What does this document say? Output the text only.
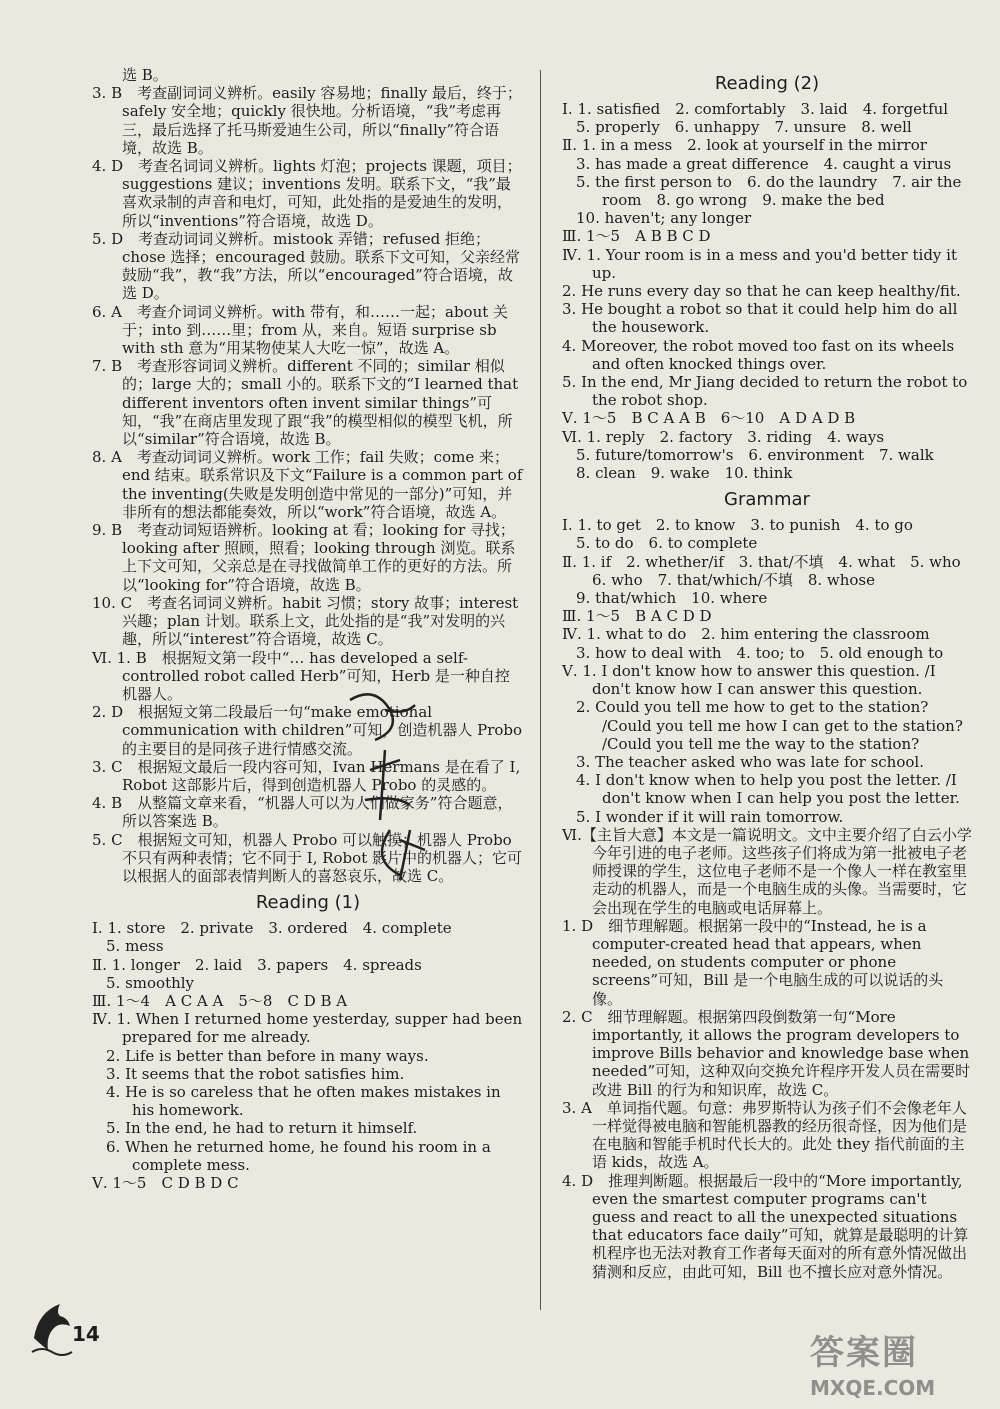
选 B。
3. B　考查副词词义辨析。easily 容易地；finally 最后，终于；safely 安全地；quickly 很快地。分析语境，“我”考虑再三，最后选择了托马斯爱迪生公司，所以“finally”符合语境，故选 B。
4. D　考查名词词义辨析。lights 灯泡；projects 课题，项目；suggestions 建议；inventions 发明。联系下文，“我”最喜欢录制的声音和电灯，可知，此处指的是爱迪生的发明，所以“inventions”符合语境，故选 D。
5. D　考查动词词义辨析。mistook 弄错；refused 拒绝；chose 选择；encouraged 鼓励。联系下文可知，父亲经常鼓励“我”，教“我”方法，所以“encouraged”符合语境，故选 D。
6. A　考查介词词义辨析。with 带有，和……一起；about 关于；into 到……里；from 从，来自。短语 surprise sb with sth 意为“用某物使某人大吃一惊”，故选 A。
7. B　考查形容词词义辨析。different 不同的；similar 相似的；large 大的；small 小的。联系下文的“I learned that different inventors often invent similar things”可知，“我”在商店里发现了跟“我”的模型相似的模型飞机，所以“similar”符合语境，故选 B。
8. A　考查动词词义辨析。work 工作；fail 失败；come 来；end 结束。联系常识及下文“Failure is a common part of the inventing(失败是发明创造中常见的一部分)”可知，并非所有的想法都能奏效，所以“work”符合语境，故选 A。
9. B　考查动词短语辨析。looking at 看；looking for 寻找；looking after 照顾，照看；looking through 浏览。联系上下文可知，父亲总是在寻找做简单工作的更好的方法。所以“looking for”符合语境，故选 B。
10. C　考查名词词义辨析。habit 习惯；story 故事；interest 兴趣；plan 计划。联系上文，此处指的是“我”对发明的兴趣，所以“interest”符合语境，故选 C。
Ⅵ. 1. B　根据短文第一段中“… has developed a self-controlled robot called Herb”可知，Herb 是一种自控机器人。
2. D　根据短文第二段最后一句“make emotional communication with children”可知，创造机器人 Probo 的主要目的是同孩子进行情感交流。
3. C　根据短文最后一段内容可知，Ivan Hermans 是在看了 I, Robot 这部影片后，得到创造机器人 Probo 的灵感的。
4. B　从整篇文章来看，“机器人可以为人们做家务”符合题意，所以答案选 B。
5. C　根据短文可知，机器人 Probo 可以触摸；机器人 Probo 不只有两种表情；它不同于 I, Robot 影片中的机器人；它可以根据人的面部表情判断人的喜怒哀乐，故选 C。
Reading (1)
Ⅰ. 1. store　2. private　3. ordered　4. complete
5. mess
Ⅱ. 1. longer　2. laid　3. papers　4. spreads
5. smoothly
Ⅲ. 1～4　A C A A　5～8　C D B A
Ⅳ. 1. When I returned home yesterday, supper had been prepared for me already.
2. Life is better than before in many ways.
3. It seems that the robot satisfies him.
4. He is so careless that he often makes mistakes in his homework.
5. In the end, he had to return it himself.
6. When he returned home, he found his room in a complete mess.
Ⅴ. 1～5　C D B D C
Reading (2)
Ⅰ. 1. satisfied　2. comfortably　3. laid　4. forgetful
5. properly　6. unhappy　7. unsure　8. well
Ⅱ. 1. in a mess　2. look at yourself in the mirror
3. has made a great difference　4. caught a virus
5. the first person to　6. do the laundry　7. air the room　8. go wrong　9. make the bed
10. haven't; any longer
Ⅲ. 1～5　A B B C D
Ⅳ. 1. Your room is in a mess and you'd better tidy it up.
2. He runs every day so that he can keep healthy/fit.
3. He bought a robot so that it could help him do all the housework.
4. Moreover, the robot moved too fast on its wheels and often knocked things over.
5. In the end, Mr Jiang decided to return the robot to the robot shop.
Ⅴ. 1～5　B C A A B　6～10　A D A D B
Ⅵ. 1. reply　2. factory　3. riding　4. ways
5. future/tomorrow's　6. environment　7. walk
8. clean　9. wake　10. think
Grammar
Ⅰ. 1. to get　2. to know　3. to punish　4. to go
5. to do　6. to complete
Ⅱ. 1. if　2. whether/if　3. that/不填　4. what　5. who　6. who　7. that/which/不填　8. whose
9. that/which　10. where
Ⅲ. 1～5　B A C D D
Ⅳ. 1. what to do　2. him entering the classroom
3. how to deal with　4. too; to　5. old enough to
Ⅴ. 1. I don't know how to answer this question. /I don't know how I can answer this question.
2. Could you tell me how to get to the station? /Could you tell me how I can get to the station? /Could you tell me the way to the station?
3. The teacher asked who was late for school.
4. I don't know when to help you post the letter. /I don't know when I can help you post the letter.
5. I wonder if it will rain tomorrow.
Ⅵ.【主旨大意】本文是一篇说明文。文中主要介绍了白云小学今年引进的电子老师。这些孩子们将成为第一批被电子老师授课的学生，这位电子老师不是一个像人一样在教室里走动的机器人，而是一个电脑生成的头像。当需要时，它会出现在学生的电脑或电话屏幕上。
1. D　细节理解题。根据第一段中的“Instead, he is a computer-created head that appears, when needed, on students computer or phone screens”可知，Bill 是一个电脑生成的可以说话的头像。
2. C　细节理解题。根据第四段倒数第一句“More importantly, it allows the program developers to improve Bills behavior and knowledge base when needed”可知，这种双向交换允许程序开发人员在需要时改进 Bill 的行为和知识库，故选 C。
3. A　单词指代题。句意：弗罗斯特认为孩子们不会像老年人一样觉得被电脑和智能机器教的经历很奇怪，因为他们是在电脑和智能手机时代长大的。此处 they 指代前面的主语 kids，故选 A。
4. D　推理判断题。根据最后一段中的“More importantly, even the smartest computer programs can't guess and react to all the unexpected situations that educators face daily”可知，就算是最聪明的计算机程序也无法对教育工作者每天面对的所有意外情况做出猜测和反应，由此可知，Bill 也不擅长应对意外情况。
14	答案圈
MXQE.COM
